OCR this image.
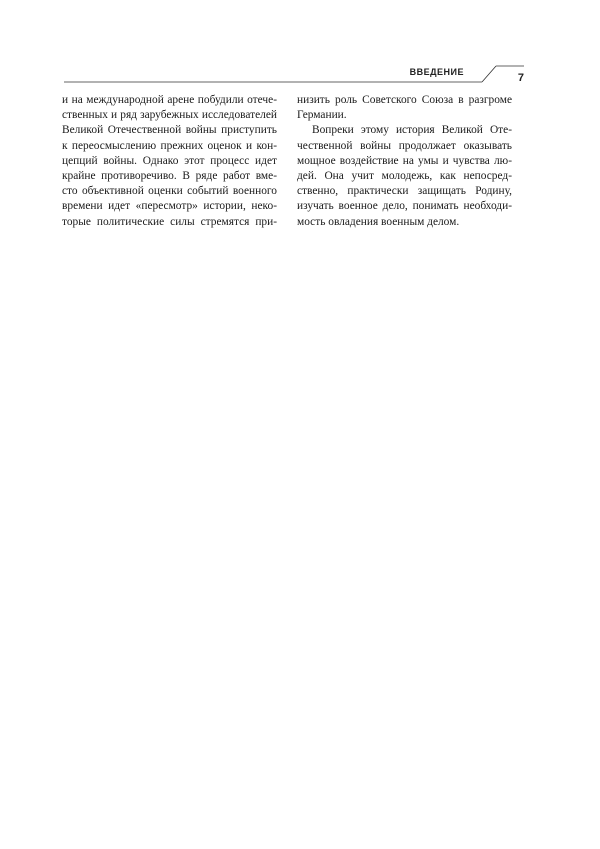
ВВЕДЕНИЕ	7

и на международной арене побудили отече-
ственных и ряд зарубежных исследователей
Великой Отечественной войны приступить
к переосмыслению прежних оценок и кон-
цепций войны. Однако этот процесс идет
крайне противоречиво. В ряде работ вме-
сто объективной оценки событий военного
времени идет «пересмотр» истории, неко-
торые политические силы стремятся при-

низить роль Советского Союза в разгроме
Германии.

Вопреки этому история Великой Оте-
чественной войны продолжает оказывать
мощное воздействие на умы и чувства лю-
дей. Она учит молодежь, как непосред-
ственно, практически защищать Родину,
изучать военное дело, понимать необходи-
мость овладения военным делом.
